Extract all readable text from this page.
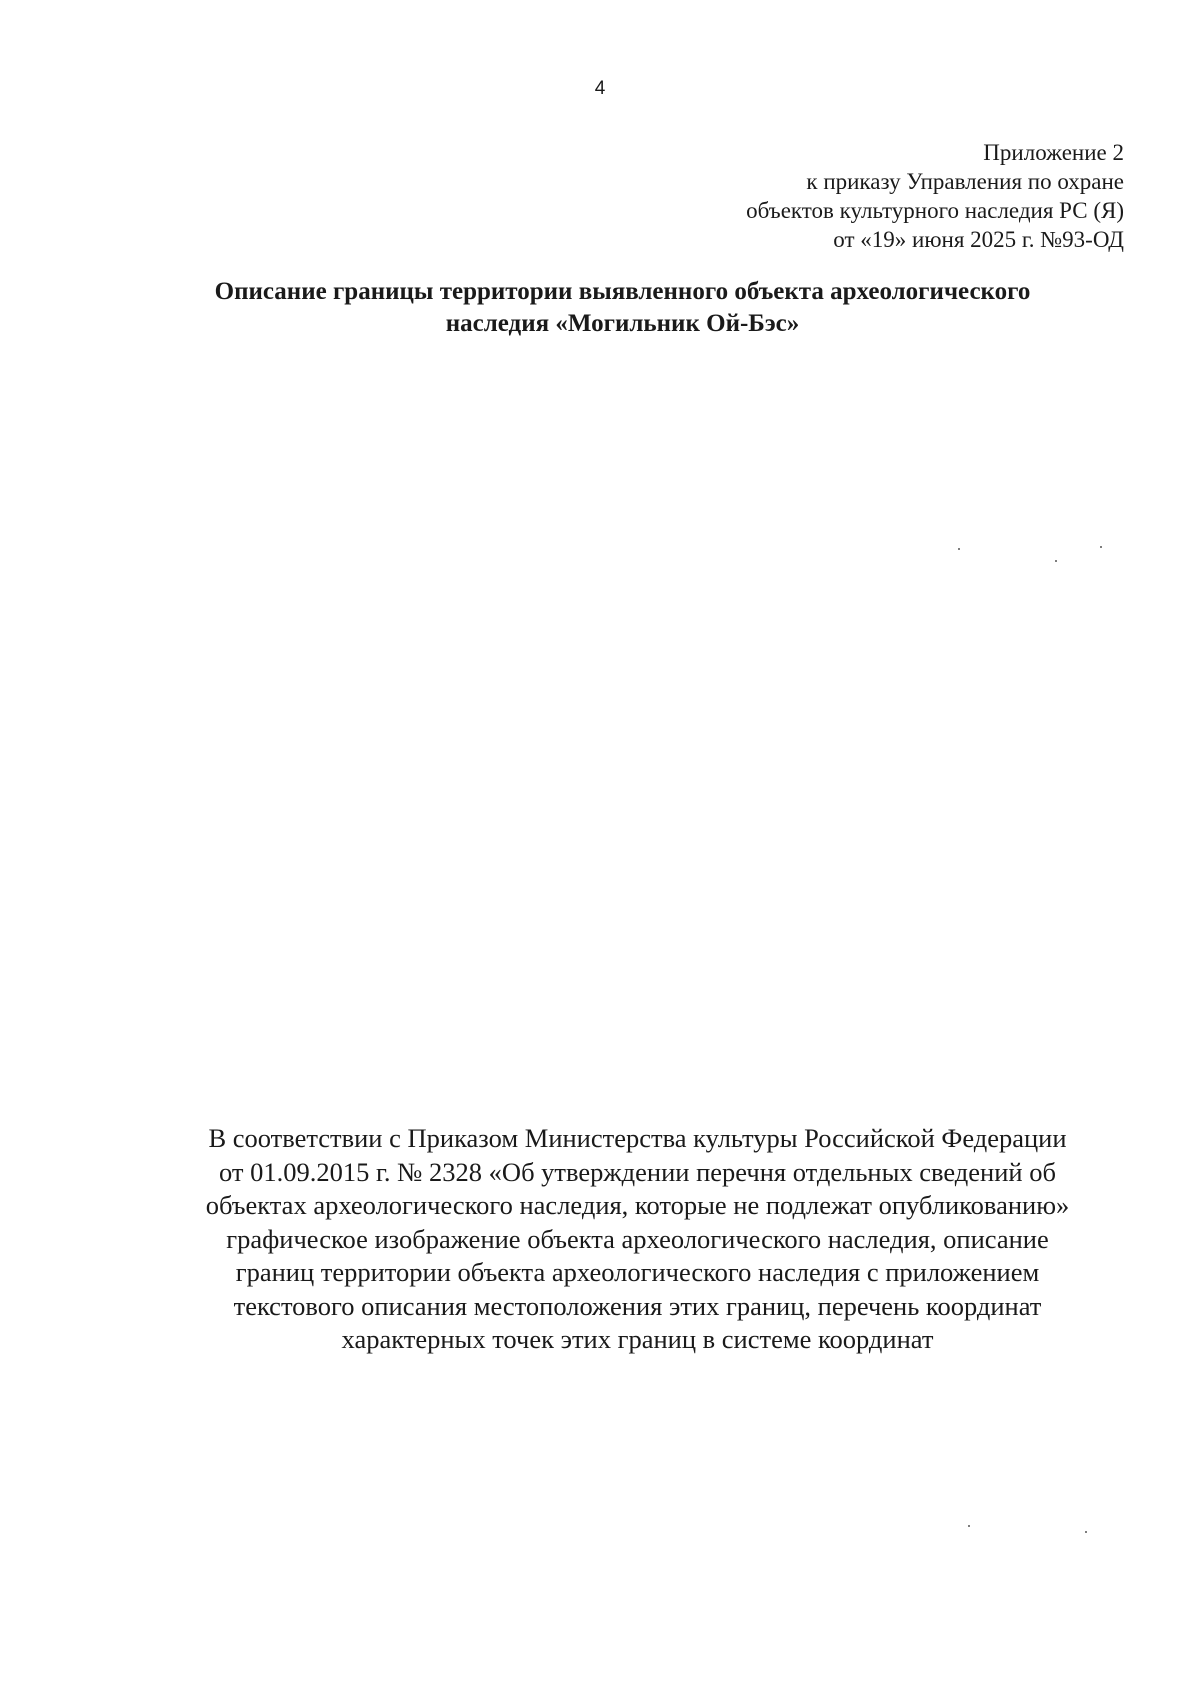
4
Приложение 2
к приказу Управления по охране
объектов культурного наследия РС (Я)
от «19» июня 2025 г. №93-ОД
Описание границы территории выявленного объекта археологического
наследия «Могильник Ой-Бэс»
В соответствии с Приказом Министерства культуры Российской Федерации
от 01.09.2015 г. № 2328 «Об утверждении перечня отдельных сведений об
объектах археологического наследия, которые не подлежат опубликованию»
графическое изображение объекта археологического наследия, описание
границ территории объекта археологического наследия с приложением
текстового описания местоположения этих границ, перечень координат
характерных точек этих границ в системе координат
